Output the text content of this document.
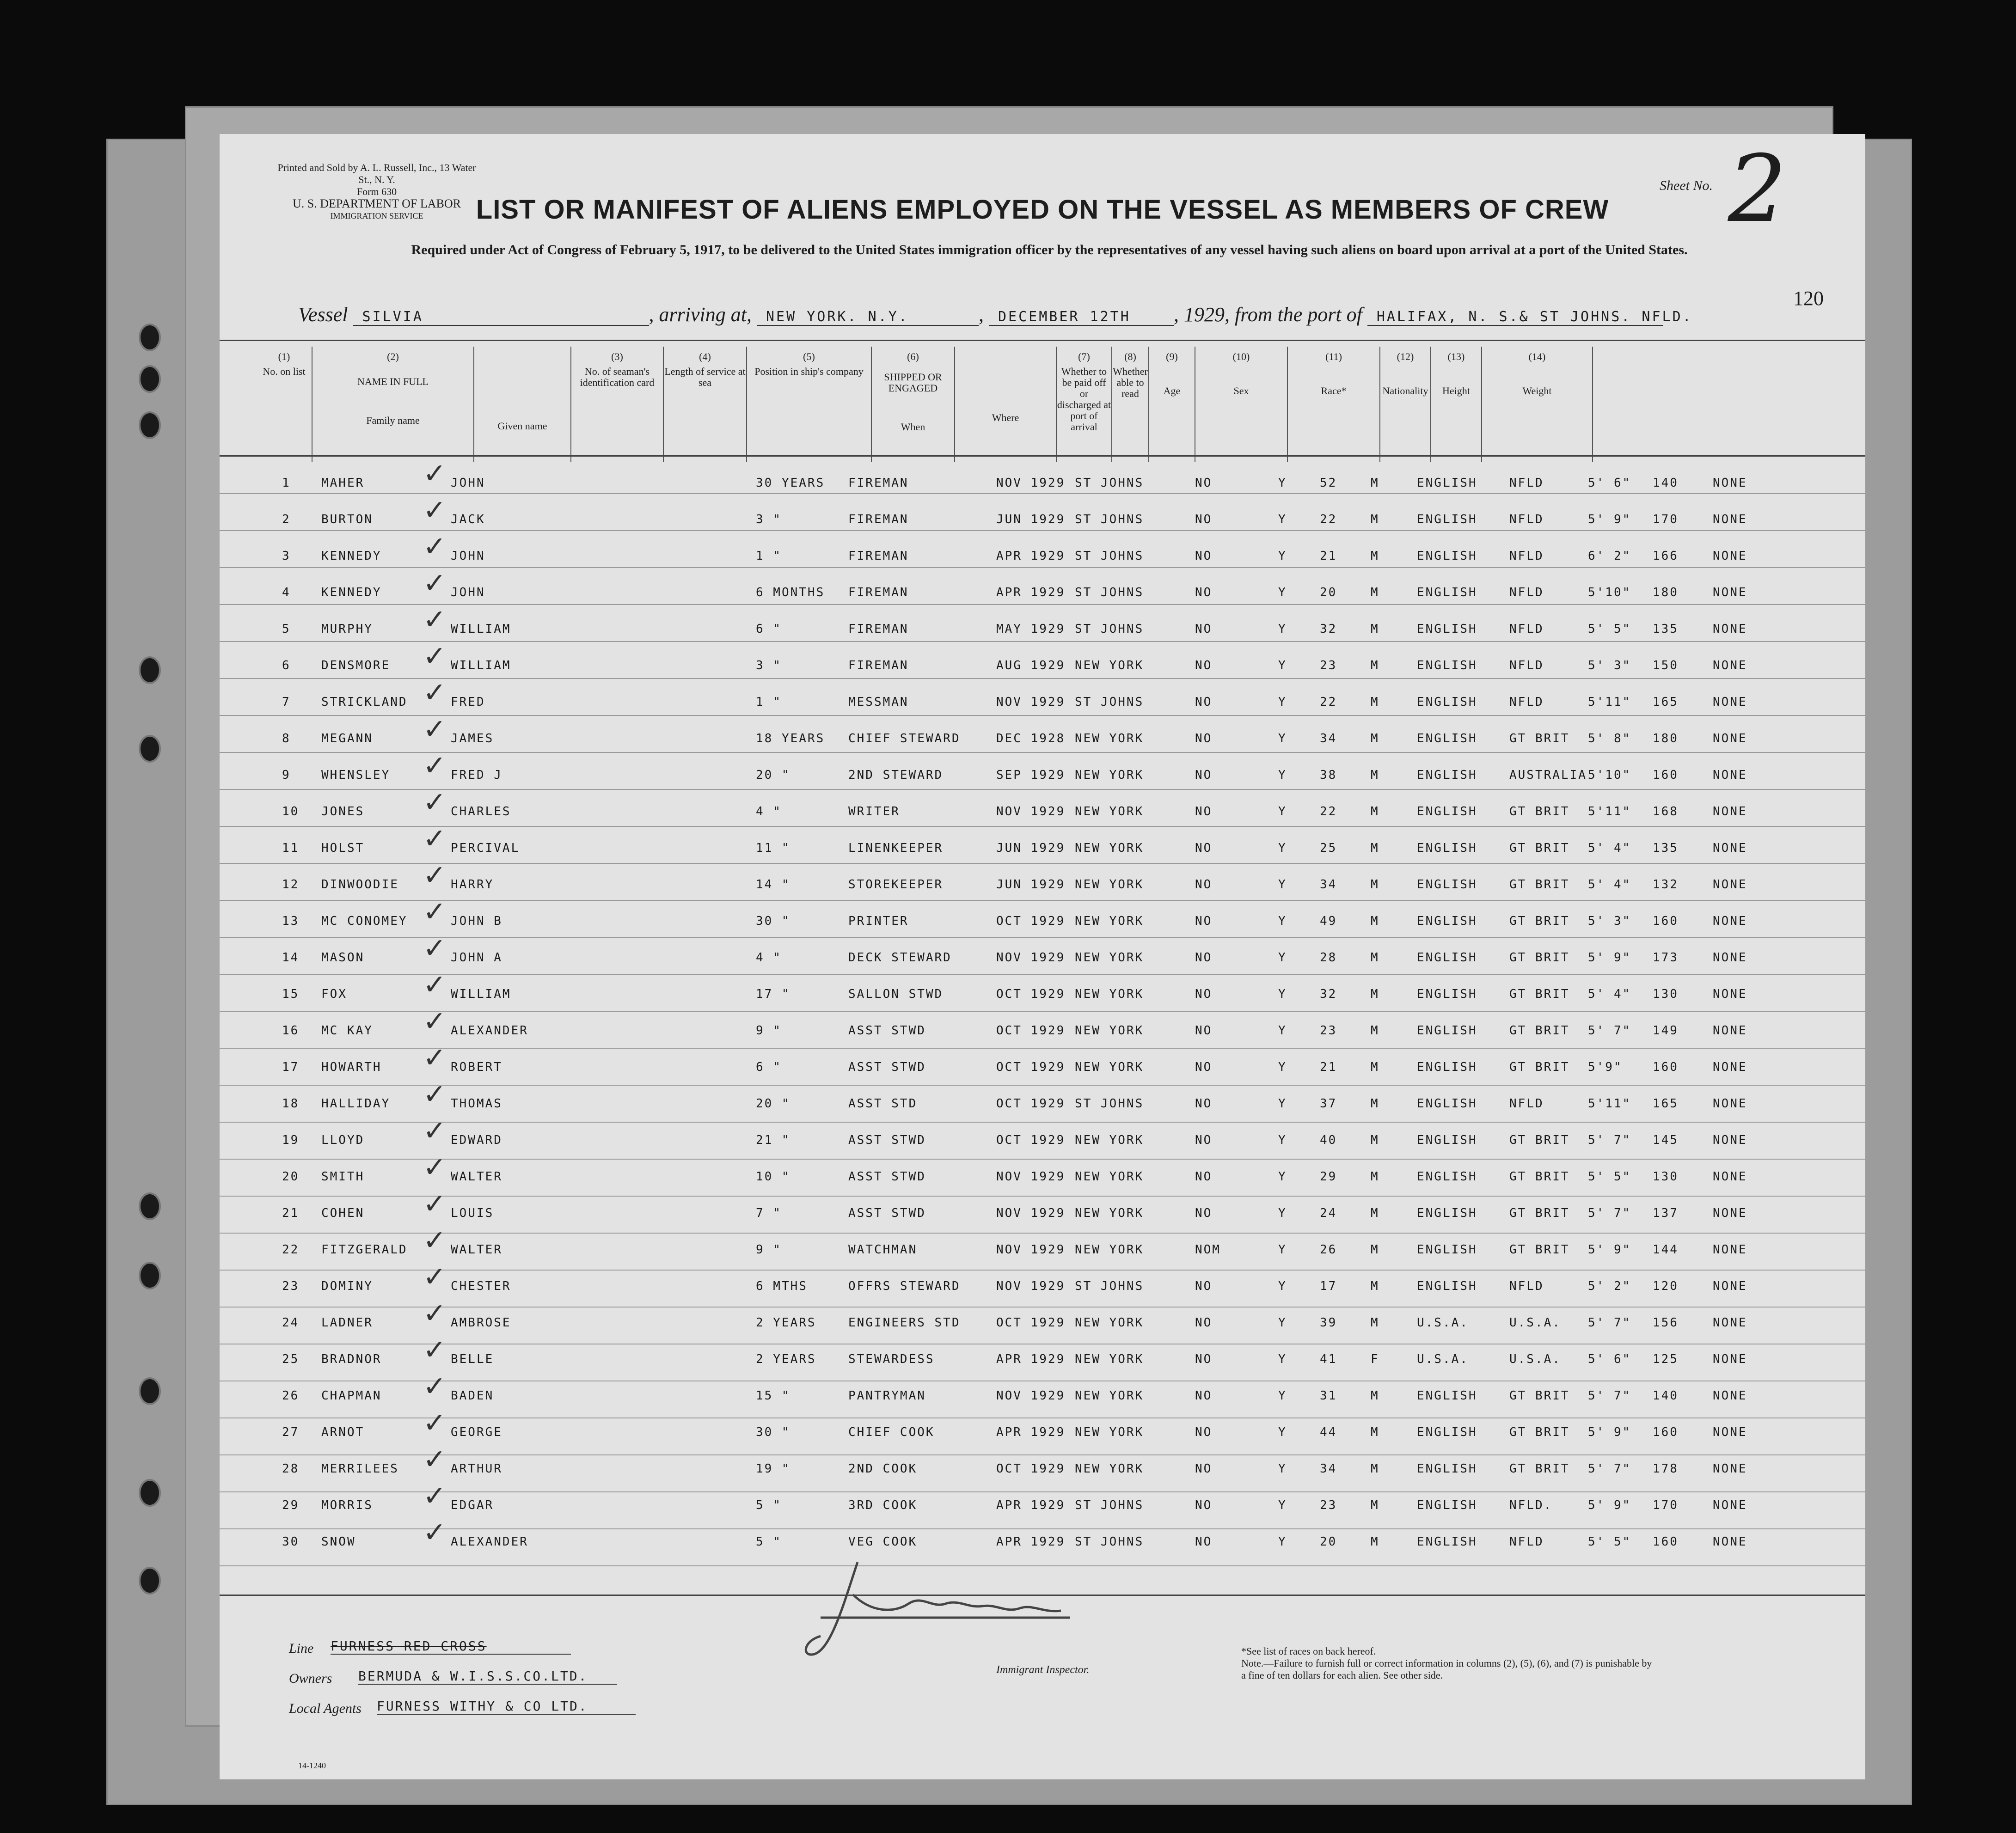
Printed and Sold by A. L. Russell, Inc., 13 Water St., N. Y.
Form 630
U. S. DEPARTMENT OF LABOR
IMMIGRATION SERVICE
Sheet No. 2
120
LIST OR MANIFEST OF ALIENS EMPLOYED ON THE VESSEL AS MEMBERS OF CREW
Required under Act of Congress of February 5, 1917, to be delivered to the United States immigration officer by the representatives of any vessel having such aliens on board upon arrival at a port of the United States.
Vessel SILVIA	, arriving at, NEW YORK. N.Y.	, DECEMBER 12TH , 1929, from the port of HALIFAX, N. S.& ST JOHNS. NFLD.
(1)
No. on list

(2)
NAME IN FULL
Family name	Given name

(3)
No. of seaman's identification card

(4)
Length of service at sea

(5)
Position in ship's company

(6)
SHIPPED OR ENGAGED
When

Where

(7)
Whether to be paid off or discharged at port of arrival

(8)
Whether able to read

(9)
Age

(10)
Sex

(11)
Race*

(12)
Nationality

(13)
Height

(14)
Weight
1	MAHER	JOHN	30 YEARS FIREMAN	NOV 1929 ST JOHNS	NO	Y	52	M	ENGLISH	NFLD	5' 6" 140	NONE
✓
2	BURTON	JACK	3 "	FIREMAN	JUN 1929 ST JOHNS	NO	Y	22	M	ENGLISH	NFLD	5' 9" 170	NONE
✓
3	KENNEDY	JOHN	1 "	FIREMAN	APR 1929 ST JOHNS	NO	Y	21	M	ENGLISH	NFLD	6' 2" 166	NONE
✓
4	KENNEDY	JOHN	6 MONTHS FIREMAN	APR 1929 ST JOHNS	NO	Y	20	M	ENGLISH	NFLD	5'10" 180	NONE
✓
5	MURPHY	WILLIAM	6 "	FIREMAN	MAY 1929 ST JOHNS	NO	Y	32	M	ENGLISH	NFLD	5' 5" 135	NONE
✓
6	DENSMORE	WILLIAM	3 "	FIREMAN	AUG 1929 NEW YORK	NO	Y	23	M	ENGLISH	NFLD	5' 3" 150	NONE
✓
7	STRICKLAND	FRED	1 "	MESSMAN	NOV 1929 ST JOHNS	NO	Y	22	M	ENGLISH	NFLD	5'11" 165	NONE
✓
8	MEGANN	JAMES	18 YEARS CHIEF STEWARD	DEC 1928 NEW YORK	NO	Y	34	M	ENGLISH	GT BRIT 5' 8" 180	NONE
✓
9	WHENSLEY	FRED J	20 "	2ND STEWARD	SEP 1929 NEW YORK	NO	Y	38	M	ENGLISH	AUSTRALIA 5'10" 160	NONE
✓
10 JONES	CHARLES	4 "	WRITER	NOV 1929 NEW YORK	NO	Y	22	M	ENGLISH	GT BRIT 5'11" 168	NONE
✓
11 HOLST	PERCIVAL	11 "	LINENKEEPER	JUN 1929 NEW YORK	NO	Y	25	M	ENGLISH	GT BRIT 5' 4" 135	NONE
✓
12 DINWOODIE	HARRY	14 "	STOREKEEPER	JUN 1929 NEW YORK	NO	Y	34	M	ENGLISH	GT BRIT 5' 4" 132	NONE
✓
13 MC CONOMEY	JOHN B	30 "	PRINTER	OCT 1929 NEW YORK	NO	Y	49	M	ENGLISH	GT BRIT 5' 3" 160	NONE
✓
14 MASON	JOHN A	4 "	DECK STEWARD	NOV 1929 NEW YORK	NO	Y	28	M	ENGLISH	GT BRIT 5' 9" 173	NONE
✓
15 FOX	WILLIAM	17 "	SALLON STWD	OCT 1929 NEW YORK	NO	Y	32	M	ENGLISH	GT BRIT 5' 4" 130	NONE
✓
16 MC KAY	ALEXANDER	9 "	ASST STWD	OCT 1929 NEW YORK	NO	Y	23	M	ENGLISH	GT BRIT 5' 7" 149	NONE
✓
17 HOWARTH	ROBERT	6 "	ASST STWD	OCT 1929 NEW YORK	NO	Y	21	M	ENGLISH	GT BRIT 5'9"	160	NONE
✓
18 HALLIDAY	THOMAS	20 "	ASST STD	OCT 1929 ST JOHNS	NO	Y	37	M	ENGLISH	NFLD	5'11" 165	NONE
✓
19 LLOYD	EDWARD	21 "	ASST STWD	OCT 1929 NEW YORK	NO	Y	40	M	ENGLISH	GT BRIT 5' 7" 145	NONE
✓
20 SMITH	WALTER	10 "	ASST STWD	NOV 1929 NEW YORK	NO	Y	29	M	ENGLISH	GT BRIT 5' 5" 130	NONE
✓
21 COHEN	LOUIS	7 "	ASST STWD	NOV 1929 NEW YORK	NO	Y	24	M	ENGLISH	GT BRIT 5' 7" 137	NONE
✓
22 FITZGERALD	WALTER	9 "	WATCHMAN	NOV 1929 NEW YORK	NOM	Y	26	M	ENGLISH	GT BRIT 5' 9" 144	NONE
✓
23 DOMINY	CHESTER	6 MTHS	OFFRS STEWARD	NOV 1929 ST JOHNS	NO	Y	17	M	ENGLISH	NFLD	5' 2" 120	NONE
✓
24 LADNER	AMBROSE	2 YEARS	ENGINEERS STD	OCT 1929 NEW YORK	NO	Y	39	M	U.S.A.	U.S.A. 5' 7" 156	NONE
✓
25 BRADNOR	BELLE	2 YEARS	STEWARDESS	APR 1929 NEW YORK	NO	Y	41	F	U.S.A.	U.S.A. 5' 6" 125	NONE
✓
26 CHAPMAN	BADEN	15 "	PANTRYMAN	NOV 1929 NEW YORK	NO	Y	31	M	ENGLISH	GT BRIT 5' 7" 140	NONE
✓
27 ARNOT	GEORGE	30 "	CHIEF COOK	APR 1929 NEW YORK	NO	Y	44	M	ENGLISH	GT BRIT 5' 9" 160	NONE
✓
28 MERRILEES	ARTHUR	19 "	2ND COOK	OCT 1929 NEW YORK	NO	Y	34	M	ENGLISH	GT BRIT 5' 7" 178	NONE
✓
29 MORRIS	EDGAR	5 "	3RD COOK	APR 1929 ST JOHNS	NO	Y	23	M	ENGLISH	NFLD.	5' 9" 170	NONE
✓
30 SNOW	ALEXANDER	5 "	VEG COOK	APR 1929 ST JOHNS	NO	Y	20	M	ENGLISH	NFLD	5' 5" 160	NONE
✓
Line FURNESS RED CROSS
Owners BERMUDA & W.I.S.S.CO.LTD.
Local Agents FURNESS WITHY & CO LTD.
Immigrant Inspector.
*See list of races on back hereof.
Note.—Failure to furnish full or correct information in columns (2), (5), (6), and (7) is punishable by a fine of ten dollars for each alien. See other side.
14-1240
